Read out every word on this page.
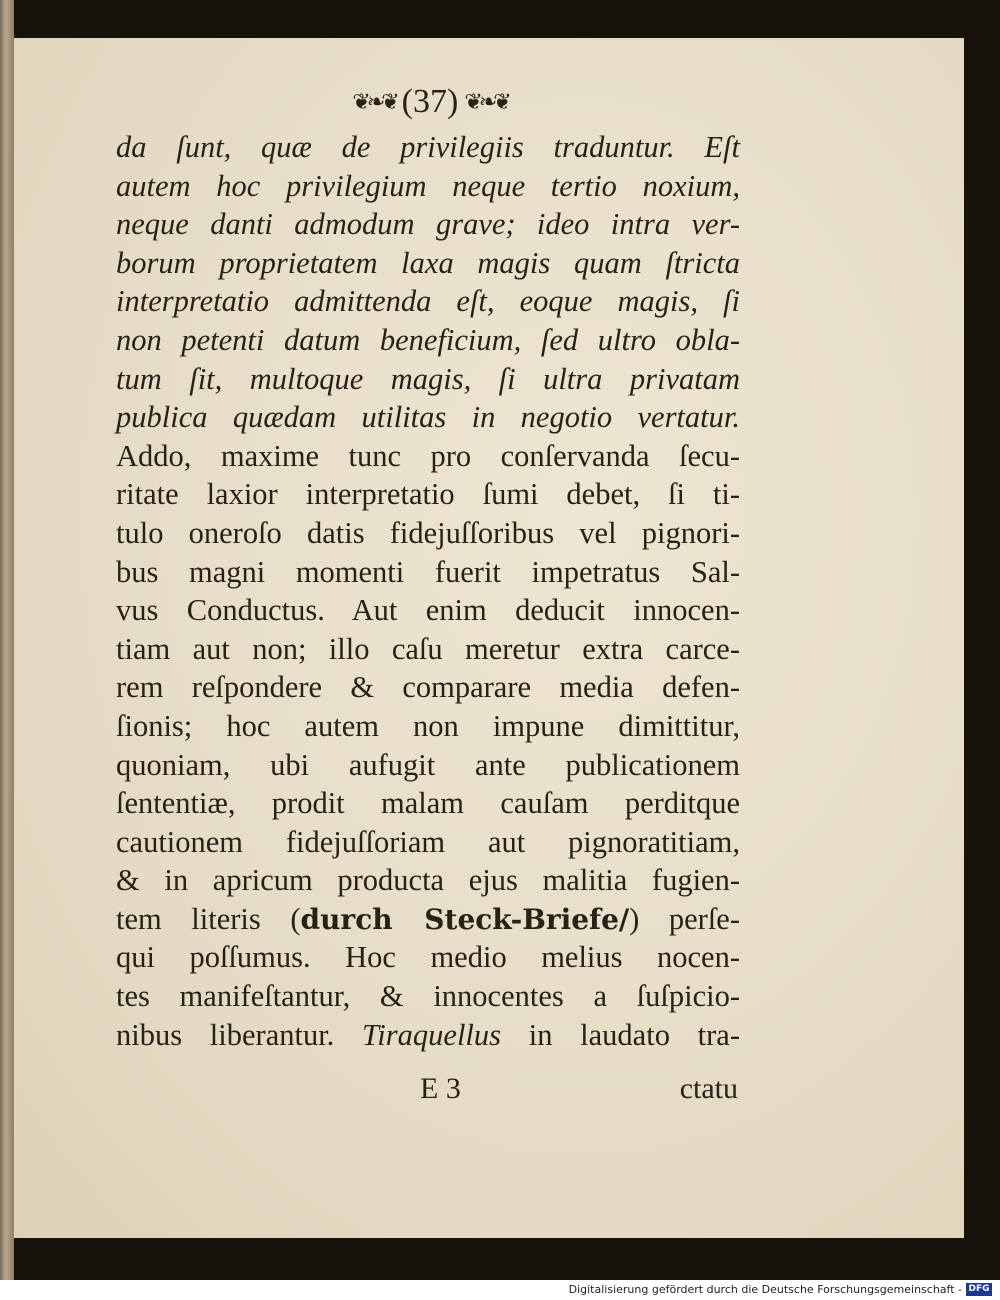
❦❧❦ (37) ❦❧❦
da ſunt, quæ de privilegiis traduntur. Eſt
autem hoc privilegium neque tertio noxium,
neque danti admodum grave; ideo intra ver-
borum proprietatem laxa magis quam ſtricta
interpretatio admittenda eſt, eoque magis, ſi
non petenti datum beneficium, ſed ultro obla-
tum ſit, multoque magis, ſi ultra privatam
publica quædam utilitas in negotio vertatur.
Addo, maxime tunc pro conſervanda ſecu-
ritate laxior interpretatio ſumi debet, ſi ti-
tulo oneroſo datis fidejuſſoribus vel pignori-
bus magni momenti fuerit impetratus Sal-
vus Conductus. Aut enim deducit innocen-
tiam aut non; illo caſu meretur extra carce-
rem reſpondere & comparare media defen-
ſionis; hoc autem non impune dimittitur,
quoniam, ubi aufugit ante publicationem
ſententiæ, prodit malam cauſam perditque
cautionem fidejuſſoriam aut pignoratitiam,
& in apricum producta ejus malitia fugien-
tem literis (durch Steck-Briefe/) perſe-
qui poſſumus. Hoc medio melius nocen-
tes manifeſtantur, & innocentes a ſuſpicio-
nibus liberantur. Tiraquellus in laudato tra-
E 3	ctatu
Digitalisierung gefördert durch die Deutsche Forschungsgemeinschaft - DFG
